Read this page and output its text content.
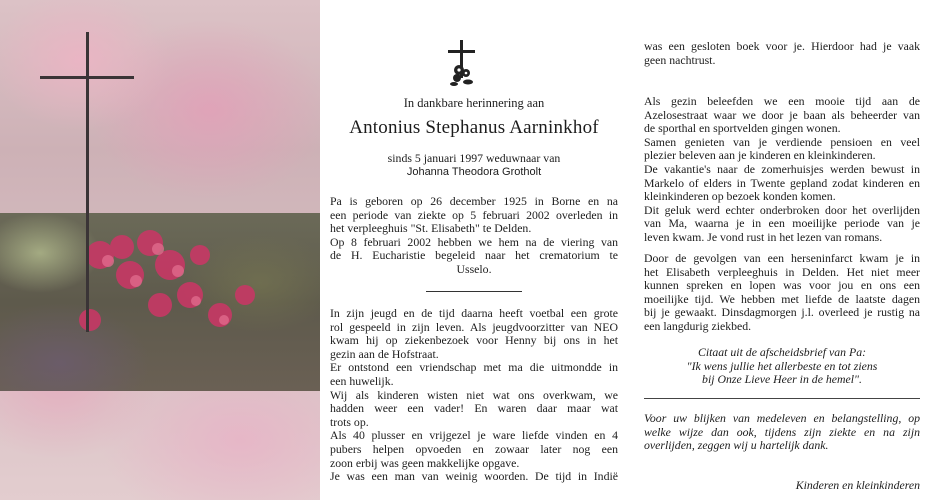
In dankbare herinnering aan

Antonius Stephanus Aarninkhof

sinds 5 januari 1997 weduwnaar van

Johanna Theodora Grotholt

Pa is geboren op 26 december 1925 in Borne en na

een periode van ziekte op 5 februari 2002 overleden in

het verpleeghuis "St. Elisabeth" te Delden.

Op 8 februari 2002 hebben we hem na de viering van

de H. Eucharistie begeleid naar het crematorium te

Usselo.

In zijn jeugd en de tijd daarna heeft voetbal een grote

rol gespeeld in zijn leven. Als jeugdvoorzitter van NEO

kwam hij op ziekenbezoek voor Henny bij ons in het

gezin aan de Hofstraat.

Er ontstond een vriendschap met ma die uitmondde in

een huwelijk.

Wij als kinderen wisten niet wat ons overkwam, we

hadden weer een vader! En waren daar maar wat

trots op.

Als 40 plusser en vrijgezel je ware liefde vinden en 4

pubers helpen opvoeden en zowaar later nog een

zoon erbij was geen makkelijke opgave.

Je was een man van weinig woorden. De tijd in Indië

was een gesloten boek voor je. Hierdoor had je vaak

geen nachtrust.

Als gezin beleefden we een mooie tijd aan de

Azelosestraat waar we door je baan als beheerder van

de sporthal en sportvelden gingen wonen.

Samen genieten van je verdiende pensioen en veel

plezier beleven aan je kinderen en kleinkinderen.

De vakantie's naar de zomerhuisjes werden bewust in

Markelo of elders in Twente gepland zodat kinderen en

kleinkinderen op bezoek konden komen.

Dit geluk werd echter onderbroken door het overlijden

van Ma, waarna je in een moeilijke periode van je

leven kwam. Je vond rust in het lezen van romans.

Door de gevolgen van een herseninfarct kwam je in

het Elisabeth verpleeghuis in Delden. Het niet meer

kunnen spreken en lopen was voor jou en ons een

moeilijke tijd. We hebben met liefde de laatste dagen

bij je gewaakt. Dinsdagmorgen j.l. overleed je rustig na

een langdurig ziekbed.

Citaat uit de afscheidsbrief van Pa:

"Ik wens jullie het allerbeste en tot ziens

bij Onze Lieve Heer in de hemel".

Voor uw blijken van medeleven en belangstelling, op

welke wijze dan ook, tijdens zijn ziekte en na zijn

overlijden, zeggen wij u hartelijk dank.

Kinderen en kleinkinderen
